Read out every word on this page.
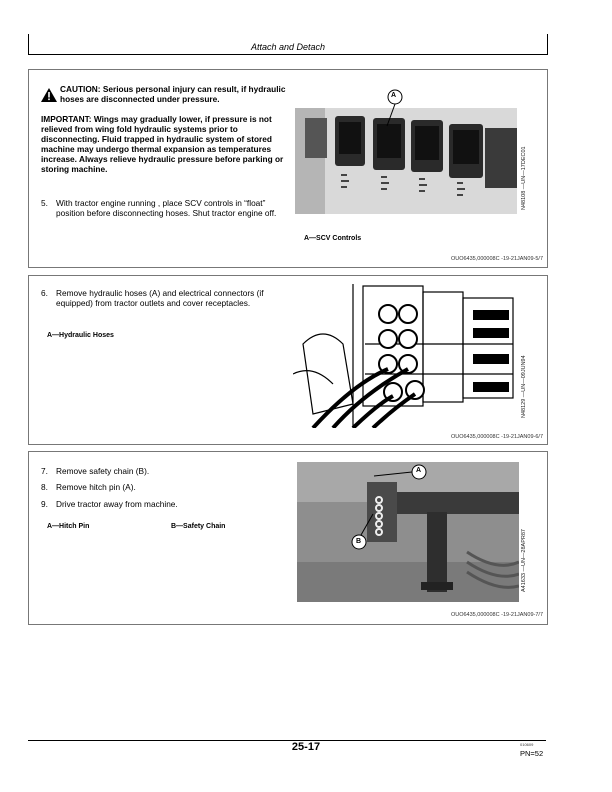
Attach and Detach
CAUTION: Serious personal injury can result, if hydraulic hoses are disconnected under pressure.
IMPORTANT: Wings may gradually lower, if pressure is not relieved from wing fold hydraulic systems prior to disconnecting. Fluid trapped in hydraulic system of stored machine may undergo thermal expansion as temperatures increase. Always relieve hydraulic pressure before parking or storing machine.
5. With tractor engine running , place SCV controls in “float” position before disconnecting hoses. Shut tractor engine off.
A
N48108 —UN—17DEC01
A—SCV Controls
OUO6435,000008C -19-21JAN09-5/7
6. Remove hydraulic hoses (A) and electrical connectors (if equipped) from tractor outlets and cover receptacles.
A—Hydraulic Hoses
N48129 —UN—09JUN94
OUO6435,000008C -19-21JAN09-6/7
7. Remove safety chain (B).
8. Remove hitch pin (A).
9. Drive tractor away from machine.
A—Hitch Pin	B—Safety Chain
A
B	A41633 —UN—28APR87
OUO6435,000008C -19-21JAN09-7/7
25-17	010609
PN=52
